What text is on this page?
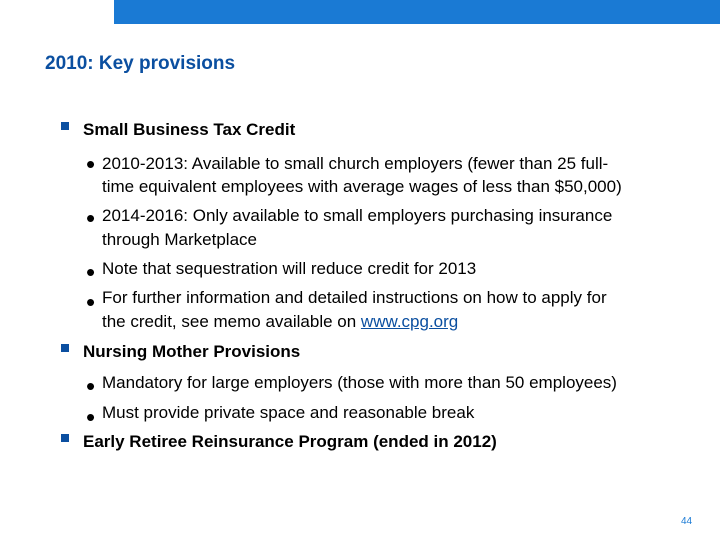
2010: Key provisions
Small Business Tax Credit
• 2010-2013: Available to small church employers (fewer than 25 full-
time equivalent employees with average wages of less than $50,000)
• 2014-2016: Only available to small employers purchasing insurance
through Marketplace
• Note that sequestration will reduce credit for 2013
• For further information and detailed instructions on how to apply for
the credit, see memo available on www.cpg.org
Nursing Mother Provisions
• Mandatory for large employers (those with more than 50 employees)
• Must provide private space and reasonable break
Early Retiree Reinsurance Program (ended in 2012)
44
